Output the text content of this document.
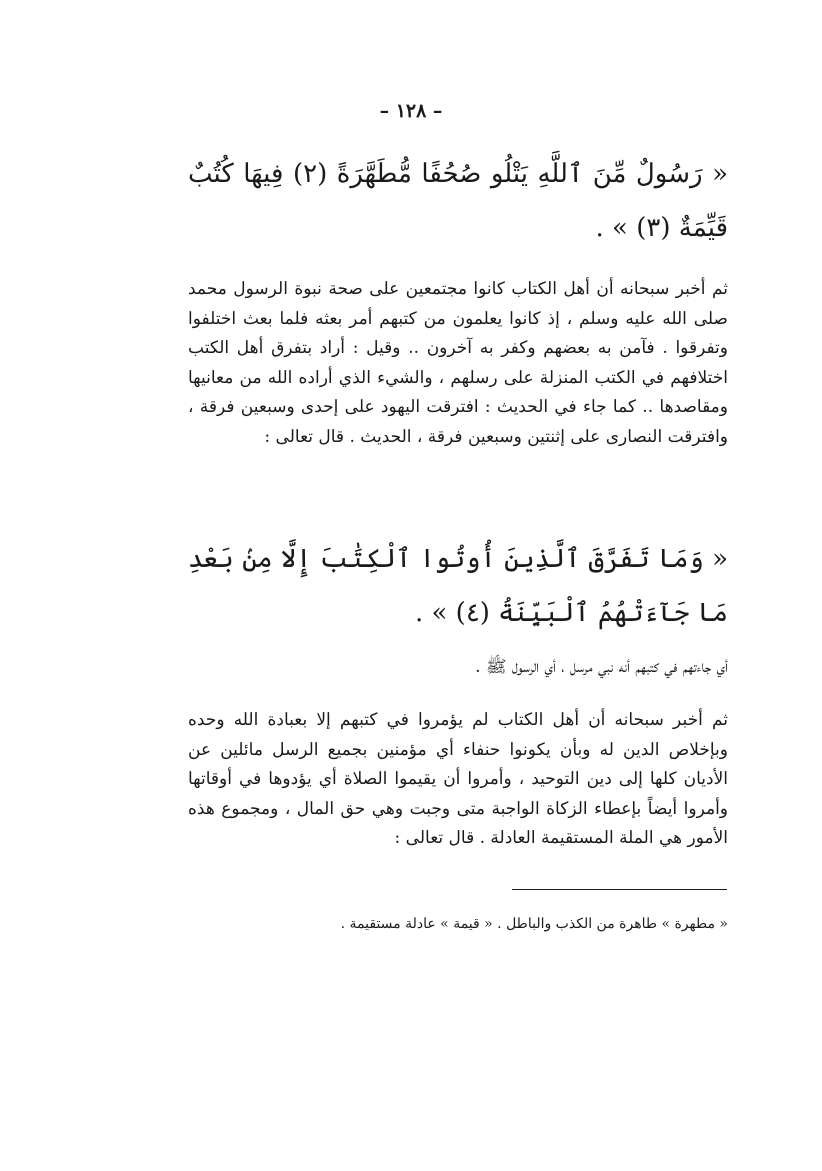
– ١٢٨ –
« رَسُولٌ مِّنَ ٱللَّهِ يَتْلُو صُحُفًا مُّطَهَّرَةً (٢) فِيهَا كُتُبٌ قَيِّمَةٌ (٣) » .
ثم أخبر سبحانه أن أهل الكتاب كانوا مجتمعين على صحة نبوة الرسول محمد صلى الله عليه وسلم ، إذ كانوا يعلمون من كتبهم أمر بعثه فلما بعث اختلفوا وتفرقوا . فآمن به بعضهم وكفر به آخرون .. وقيل : أراد بتفرق أهل الكتب اختلافهم في الكتب المنزلة على رسلهم ، والشيء الذي أراده الله من معانيها ومقاصدها .. كما جاء في الحديث : افترقت اليهود على إحدى وسبعين فرقة ، وافترقت النصارى على إثنتين وسبعين فرقة ، الحديث . قال تعالى :
« وَمَا تَفَرَّقَ ٱلَّذِينَ أُوتُوا ٱلْكِتَٰبَ إِلَّا مِنۢ بَعْدِ مَا جَآءَتْهُمُ ٱلْبَيِّنَةُ (٤) » .
أي جاءتهم في كتبهم أنه نبي مرسل ، أي الرسول ﷺ .
ثم أخبر سبحانه أن أهل الكتاب لم يؤمروا في كتبهم إلا بعبادة الله وحده وبإخلاص الدين له وبأن يكونوا حنفاء أي مؤمنين بجميع الرسل مائلين عن الأديان كلها إلى دين التوحيد ، وأمروا أن يقيموا الصلاة أي يؤدوها في أوقاتها وأمروا أيضاً بإعطاء الزكاة الواجبة متى وجبت وهي حق المال ، ومجموع هذه الأمور هي الملة المستقيمة العادلة . قال تعالى :
« مطهرة » طاهرة من الكذب والباطل . « قيمة » عادلة مستقيمة .
